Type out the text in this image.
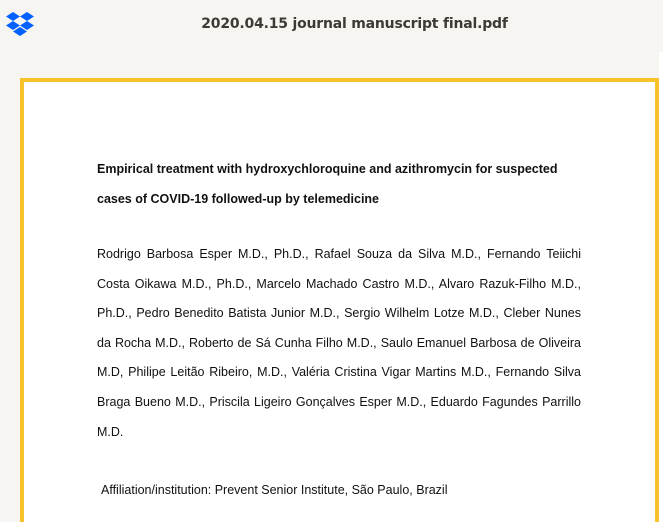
2020.04.15 journal manuscript final.pdf
Empirical treatment with hydroxychloroquine and azithromycin for suspected cases of COVID-19 followed-up by telemedicine
Rodrigo Barbosa Esper M.D., Ph.D., Rafael Souza da Silva M.D., Fernando Teiichi Costa Oikawa M.D., Ph.D., Marcelo Machado Castro M.D., Alvaro Razuk-Filho M.D., Ph.D., Pedro Benedito Batista Junior M.D., Sergio Wilhelm Lotze M.D., Cleber Nunes da Rocha M.D., Roberto de Sá Cunha Filho M.D., Saulo Emanuel Barbosa de Oliveira M.D, Philipe Leitão Ribeiro, M.D., Valéria Cristina Vigar Martins M.D., Fernando Silva Braga Bueno M.D., Priscila Ligeiro Gonçalves Esper M.D., Eduardo Fagundes Parrillo M.D.
Affiliation/institution: Prevent Senior Institute, São Paulo, Brazil
